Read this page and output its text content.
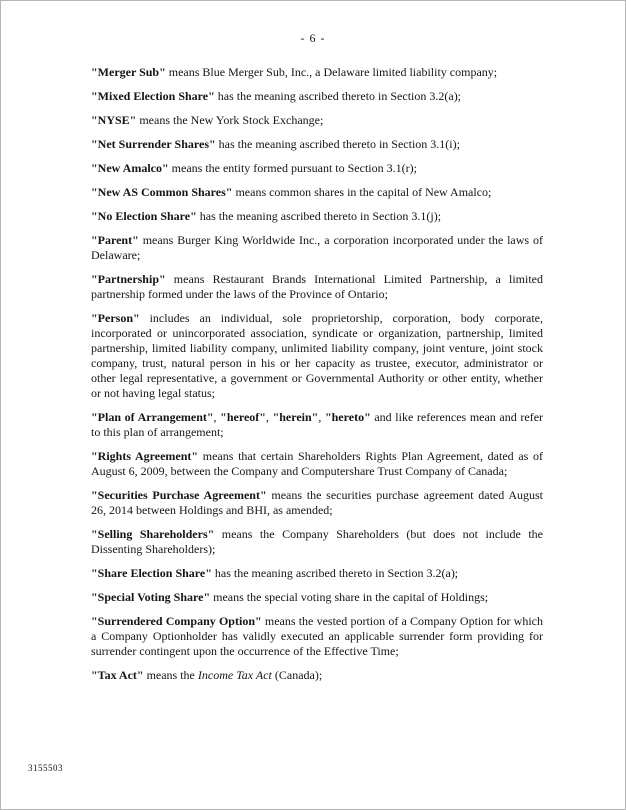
- 6 -

"Merger Sub" means Blue Merger Sub, Inc., a Delaware limited liability company;

"Mixed Election Share" has the meaning ascribed thereto in Section 3.2(a);

"NYSE" means the New York Stock Exchange;

"Net Surrender Shares" has the meaning ascribed thereto in Section 3.1(i);

"New Amalco" means the entity formed pursuant to Section 3.1(r);

"New AS Common Shares" means common shares in the capital of New Amalco;

"No Election Share" has the meaning ascribed thereto in Section 3.1(j);

"Parent" means Burger King Worldwide Inc., a corporation incorporated under the laws of Delaware;

"Partnership" means Restaurant Brands International Limited Partnership, a limited partnership formed under the laws of the Province of Ontario;

"Person" includes an individual, sole proprietorship, corporation, body corporate, incorporated or unincorporated association, syndicate or organization, partnership, limited partnership, limited liability company, unlimited liability company, joint venture, joint stock company, trust, natural person in his or her capacity as trustee, executor, administrator or other legal representative, a government or Governmental Authority or other entity, whether or not having legal status;

"Plan of Arrangement", "hereof", "herein", "hereto" and like references mean and refer to this plan of arrangement;

"Rights Agreement" means that certain Shareholders Rights Plan Agreement, dated as of August 6, 2009, between the Company and Computershare Trust Company of Canada;

"Securities Purchase Agreement" means the securities purchase agreement dated August 26, 2014 between Holdings and BHI, as amended;

"Selling Shareholders" means the Company Shareholders (but does not include the Dissenting Shareholders);

"Share Election Share" has the meaning ascribed thereto in Section 3.2(a);

"Special Voting Share" means the special voting share in the capital of Holdings;

"Surrendered Company Option" means the vested portion of a Company Option for which a Company Optionholder has validly executed an applicable surrender form providing for surrender contingent upon the occurrence of the Effective Time;

"Tax Act" means the Income Tax Act (Canada);

3155503
